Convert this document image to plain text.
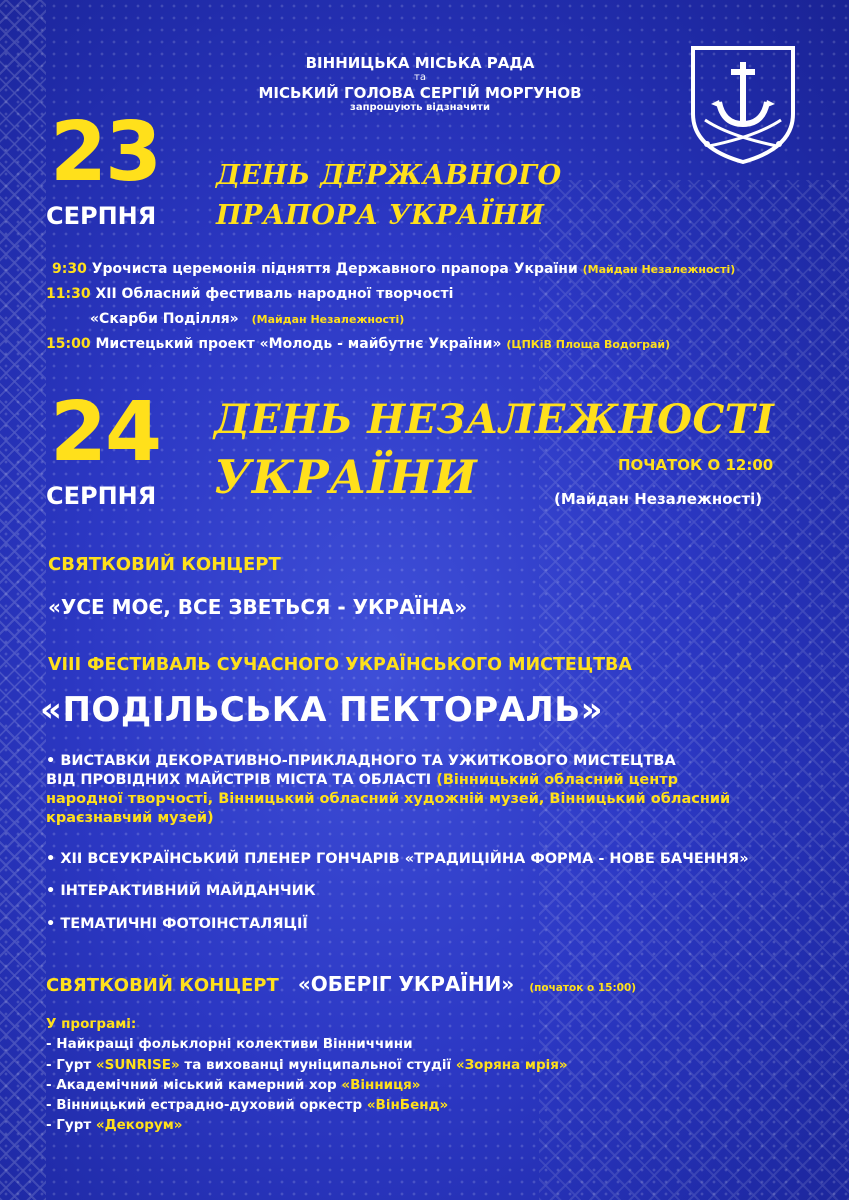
ВІННИЦЬКА МІСЬКА РАДА
та
МІСЬКИЙ ГОЛОВА СЕРГІЙ МОРГУНОВ
запрошують відзначити
23
СЕРПНЯ
ДЕНЬ ДЕРЖАВНОГО
ПРАПОРА УКРАЇНИ
9:30 Урочиста церемонія підняття Державного прапора України (Майдан Незалежності)
11:30 XII Обласний фестиваль народної творчості
«Скарби Поділля» (Майдан Незалежності)
15:00 Мистецький проект «Молодь - майбутнє України» (ЦПКіВ Площа Водограй)
24
СЕРПНЯ
ДЕНЬ НЕЗАЛЕЖНОСТІ
УКРАЇНИ	ПОЧАТОК О 12:00
(Майдан Незалежності)
СВЯТКОВИЙ КОНЦЕРТ
«УСЕ МОЄ, ВСЕ ЗВЕТЬСЯ - УКРАЇНА»
VIII ФЕСТИВАЛЬ СУЧАСНОГО УКРАЇНСЬКОГО МИСТЕЦТВА
«ПОДІЛЬСЬКА ПЕКТОРАЛЬ»
• ВИСТАВКИ ДЕКОРАТИВНО-ПРИКЛАДНОГО ТА УЖИТКОВОГО МИСТЕЦТВА
ВІД ПРОВІДНИХ МАЙСТРІВ МІСТА ТА ОБЛАСТІ (Вінницький обласний центр
народної творчості, Вінницький обласний художній музей, Вінницький обласний
краєзнавчий музей)
• XII ВСЕУКРАЇНСЬКИЙ ПЛЕНЕР ГОНЧАРІВ «ТРАДИЦІЙНА ФОРМА - НОВЕ БАЧЕННЯ»
• ІНТЕРАКТИВНИЙ МАЙДАНЧИК
• ТЕМАТИЧНІ ФОТОІНСТАЛЯЦІЇ
СВЯТКОВИЙ КОНЦЕРТ «ОБЕРІГ УКРАЇНИ» (початок о 15:00)
У програмі:
- Найкращі фольклорні колективи Вінниччини
- Гурт «SUNRISE» та вихованці муніципальної студії «Зоряна мрія»
- Академічний міський камерний хор «Вінниця»
- Вінницький естрадно-духовий оркестр «ВінБенд»
- Гурт «Декорум»
